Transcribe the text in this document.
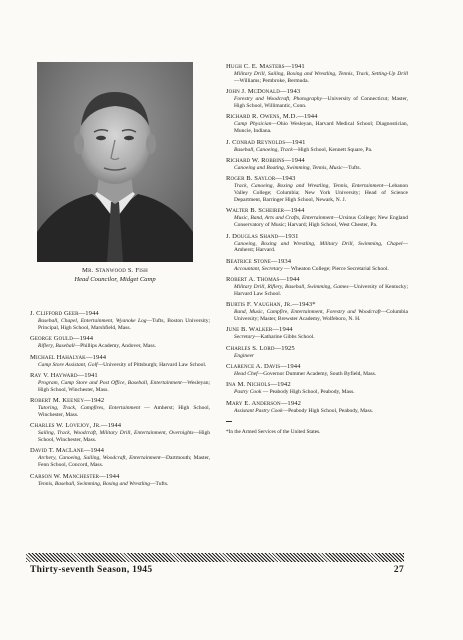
Mr. Stanwood S. Fish
Head Councilor, Midget Camp
J. Clifford Geer—1944
Baseball, Chapel, Entertainment, Wyanoke Log—Tufts, Boston University; Principal, High School, Marshfield, Mass.
George Gould—1944
Riflery, Baseball—Phillips Academy, Andover, Mass.
Michael Hahalyak—1944
Camp Store Assistant, Golf—University of Pittsburgh; Harvard Law School.
Ray V. Hayward—1941
Program, Camp Store and Post Office, Baseball, Entertainment—Wesleyan; High School, Winchester, Mass.
Robert M. Keeney—1942
Tutoring, Track, Campfires, Entertainment — Amherst; High School, Winchester, Mass.
Charles W. Lovejoy, Jr.—1944
Sailing, Track, Woodcraft, Military Drill, Entertainment, Overnights—High School, Winchester, Mass.
David T. MacLane—1944
Archery, Canoeing, Sailing, Woodcraft, Entertainment—Dartmouth; Master, Fenn School, Concord, Mass.
Carson W. Manchester—1944
Tennis, Baseball, Swimming, Boxing and Wrestling—Tufts.
Hugh C. E. Masters—1941
Military Drill, Sailing, Boxing and Wrestling, Tennis, Track, Setting-Up Drill—Williams; Pembroke, Bermuda.
John J. McDonald—1943
Forestry and Woodcraft, Photography—University of Connecticut; Master, High School, Willimantic, Conn.
Richard R. Owens, M.D.—1944
Camp Physician—Ohio Wesleyan, Harvard Medical School; Diagnostician, Muncie, Indiana.
J. Conrad Reynolds—1941
Baseball, Canoeing, Track—High School, Kennett Square, Pa.
Richard W. Robbins—1944
Canoeing and Boating, Swimming, Tennis, Music—Tufts.
Roger B. Saylor—1943
Track, Canoeing, Boxing and Wrestling, Tennis, Entertainment—Lebanon Valley College; Columbia; New York University; Head of Science Department, Barringer High School, Newark, N. J.
Walter B. Scheirer—1944
Music, Band, Arts and Crafts, Entertainment—Ursinus College; New England Conservatory of Music; Harvard; High School, West Chester, Pa.
J. Douglas Shand—1931
Canoeing, Boxing and Wrestling, Military Drill, Swimming, Chapel—Amherst; Harvard.
Beatrice Stone—1934
Accountant, Secretary — Wheaton College; Pierce Secretarial School.
Robert A. Thomas—1944
Military Drill, Riflery, Baseball, Swimming, Games—University of Kentucky; Harvard Law School.
Burtis F. Vaughan, Jr.—1943*
Band, Music, Campfire, Entertainment, Forestry and Woodcraft—Columbia University; Master, Brewster Academy, Wolfeboro, N. H.
June B. Walker—1944
Secretary—Katharine Gibbs School.
Charles S. Lord—1925
Engineer
Clarence A. Davis—1944
Head Chef—Governor Dummer Academy, South Byfield, Mass.
Ina M. Nichols—1942
Pastry Cook — Peabody High School, Peabody, Mass.
Mary E. Anderson—1942
Assistant Pastry Cook—Peabody High School, Peabody, Mass.
*In the Armed Services of the United States.
Thirty-seventh Season, 1945	27
